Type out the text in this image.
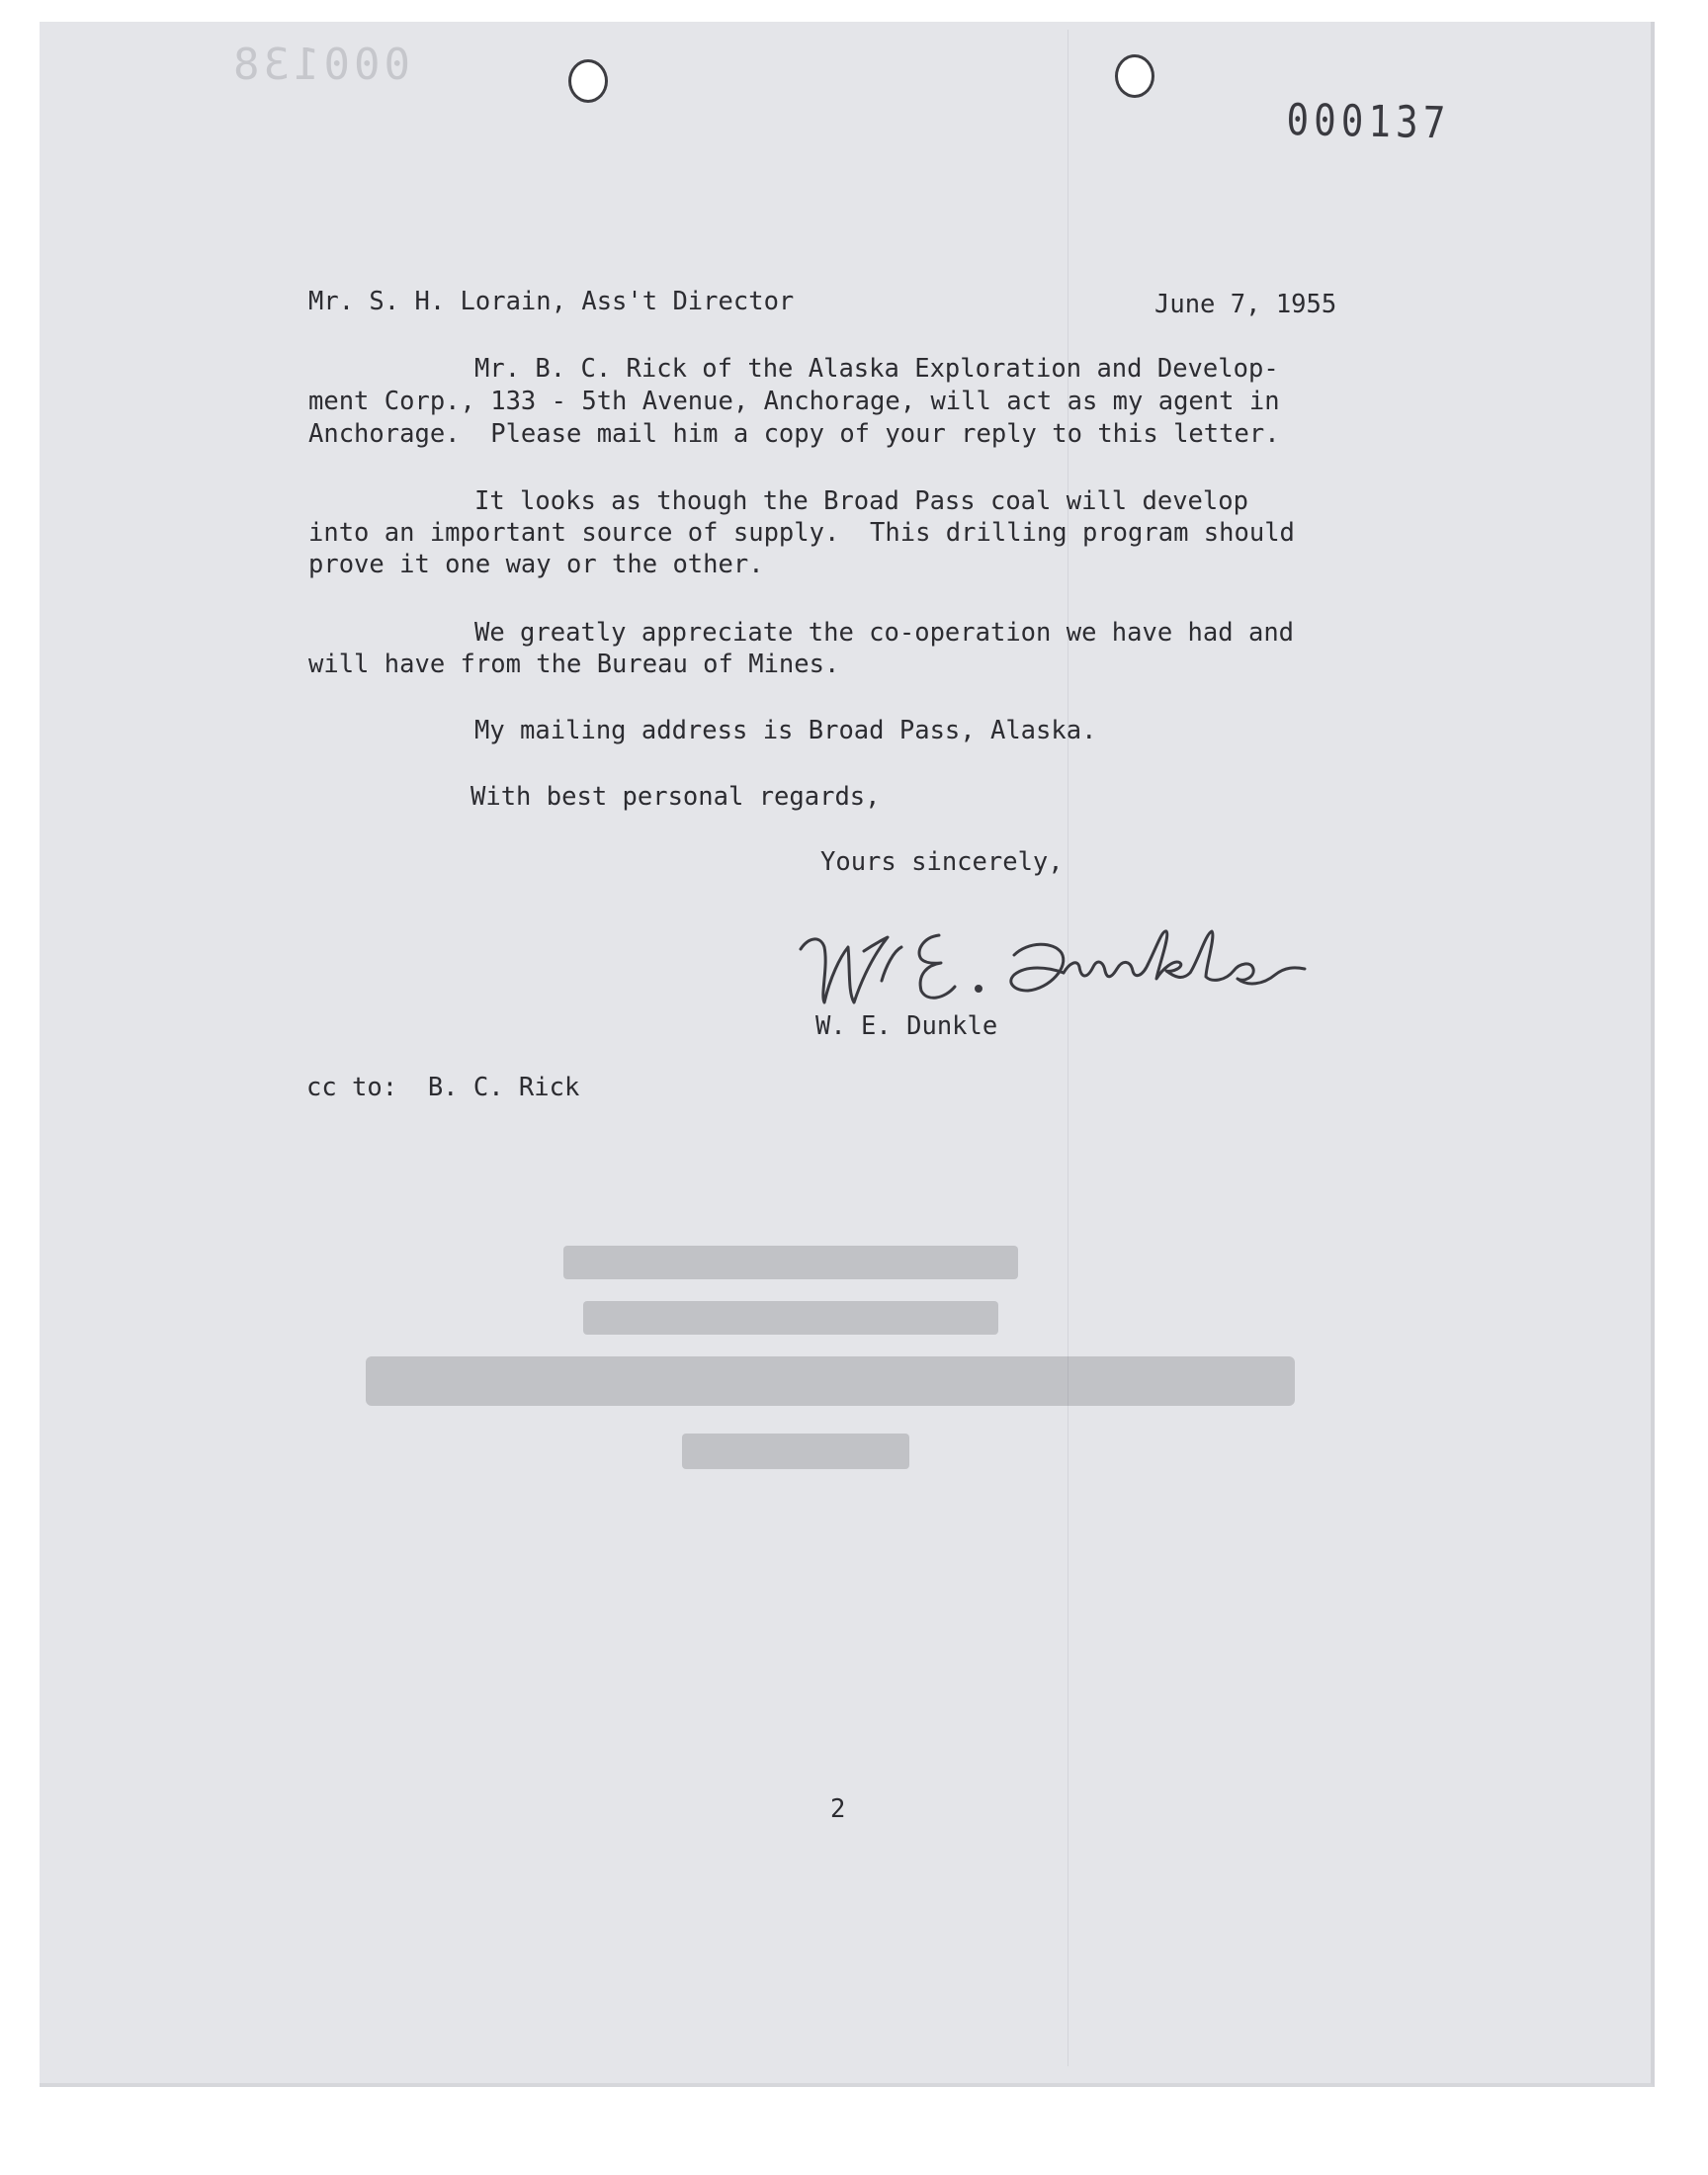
000138
000137
Mr. S. H. Lorain, Ass't Director	June 7, 1955
Mr. B. C. Rick of the Alaska Exploration and Develop-
ment Corp., 133 - 5th Avenue, Anchorage, will act as my agent in
Anchorage.  Please mail him a copy of your reply to this letter.
It looks as though the Broad Pass coal will develop
into an important source of supply.  This drilling program should
prove it one way or the other.
We greatly appreciate the co-operation we have had and
will have from the Bureau of Mines.
My mailing address is Broad Pass, Alaska.
With best personal regards,
Yours sincerely,
W. E. Dunkle
cc to:  B. C. Rick
2
